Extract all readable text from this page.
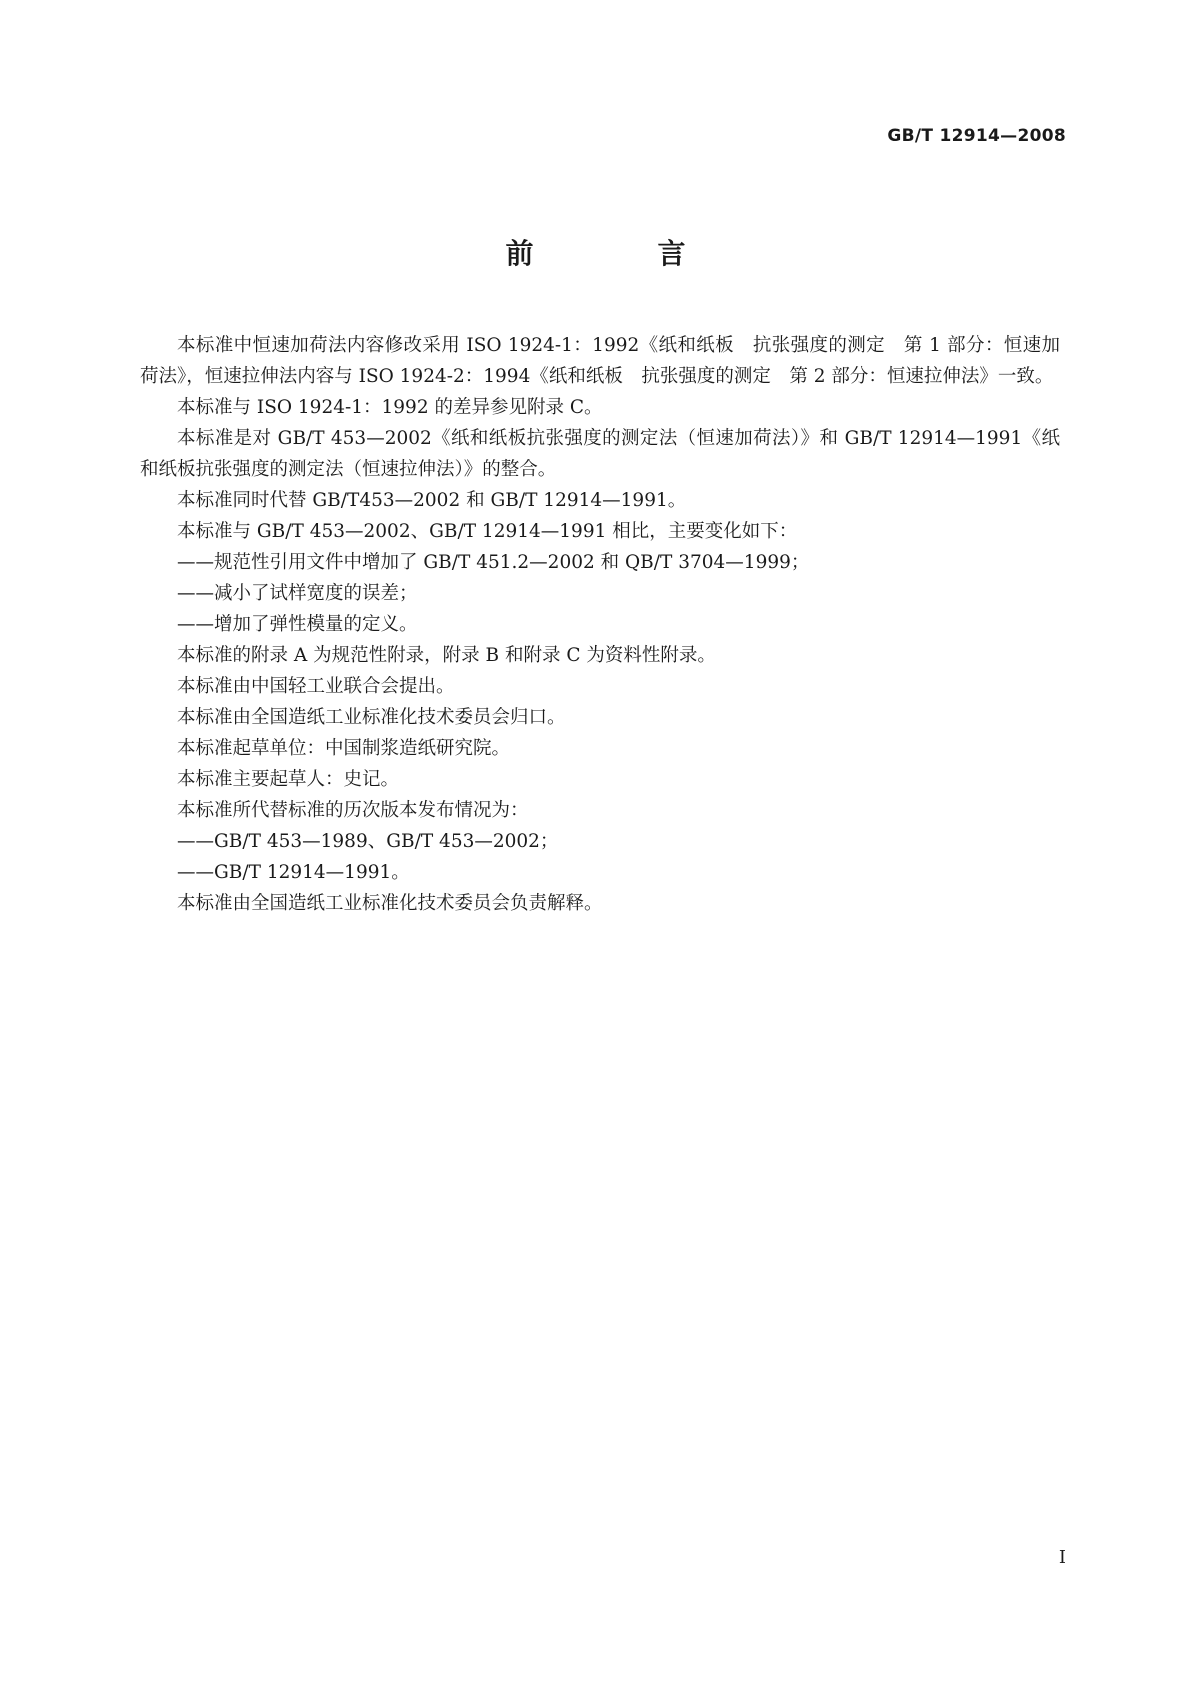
GB/T 12914—2008
前　言

本标准中恒速加荷法内容修改采用 ISO 1924-1：1992《纸和纸板　抗张强度的测定　第 1 部分：恒速加荷法》，恒速拉伸法内容与 ISO 1924-2：1994《纸和纸板　抗张强度的测定　第 2 部分：恒速拉伸法》一致。

本标准与 ISO 1924-1：1992 的差异参见附录 C。

本标准是对 GB/T 453—2002《纸和纸板抗张强度的测定法（恒速加荷法）》和 GB/T 12914—1991《纸和纸板抗张强度的测定法（恒速拉伸法）》的整合。

本标准同时代替 GB/T453—2002 和 GB/T 12914—1991。

本标准与 GB/T 453—2002、GB/T 12914—1991 相比，主要变化如下：

——规范性引用文件中增加了 GB/T 451.2—2002 和 QB/T 3704—1999；

——减小了试样宽度的误差；

——增加了弹性模量的定义。

本标准的附录 A 为规范性附录，附录 B 和附录 C 为资料性附录。

本标准由中国轻工业联合会提出。

本标准由全国造纸工业标准化技术委员会归口。

本标准起草单位：中国制浆造纸研究院。

本标准主要起草人：史记。

本标准所代替标准的历次版本发布情况为：

——GB/T 453—1989、GB/T 453—2002；

——GB/T 12914—1991。

本标准由全国造纸工业标准化技术委员会负责解释。

I
